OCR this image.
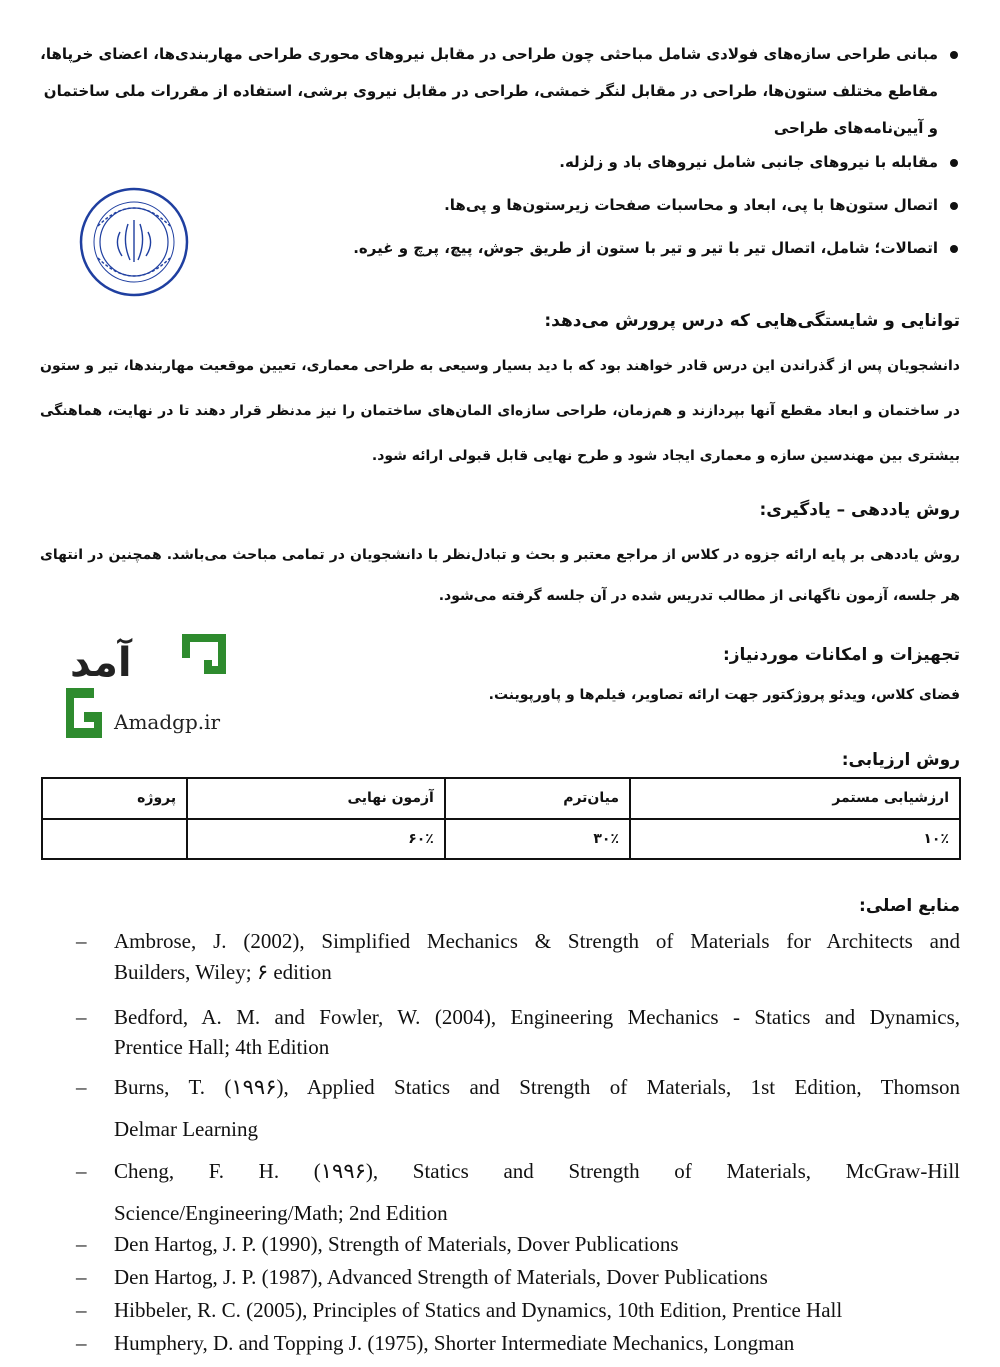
مبانی طراحی سازه‌های فولادی شامل مباحثی چون طراحی در مقابل نیروهای محوری طراحی مهاربندی‌ها، اعضای خرپاها، مقاطع مختلف ستون‌ها، طراحی در مقابل لنگر خمشی، طراحی در مقابل نیروی برشی، استفاده از مقررات ملی ساختمان و آیین‌نامه‌های طراحی
مقابله با نیروهای جانبی شامل نیروهای باد و زلزله.
اتصال ستون‌ها با پی، ابعاد و محاسبات صفحات زیرستون‌ها و پی‌ها.
اتصالات؛ شامل، اتصال تیر با تیر و تیر با ستون از طریق جوش، پیچ، پرچ و غیره.
توانایی و شایستگی‌هایی که درس پرورش می‌دهد:
دانشجویان پس از گذراندن این درس قادر خواهند بود که با دید بسیار وسیعی به طراحی معماری، تعیین موقعیت مهاربندها، تیر و ستون در ساختمان و ابعاد مقطع آنها بپردازند و هم‌زمان، طراحی سازه‌ای المان‌های ساختمان را نیز مدنظر قرار دهند تا در نهایت، هماهنگی بیشتری بین مهندسین سازه و معماری ایجاد شود و طرح نهایی قابل قبولی ارائه شود.
روش یاددهی – یادگیری:
روش یاددهی بر پایه ارائه جزوه در کلاس از مراجع معتبر و بحث و تبادل‌نظر با دانشجویان در تمامی مباحث می‌باشد. همچنین در انتهای هر جلسه، آزمون ناگهانی از مطالب تدریس شده در آن جلسه گرفته می‌شود.
آمد
Amadgp.ir
تجهیزات و امکانات موردنیاز:
فضای کلاس، ویدئو پروژکتور جهت ارائه تصاویر، فیلم‌ها و پاورپوینت.
روش ارزیابی:
ارزشیابی مستمر	میان‌ترم	آزمون نهایی	پروژه
۱۰٪	۳۰٪	۶۰٪	
منابع اصلی:
– Ambrose, J. (2002), Simplified Mechanics & Strength of Materials for Architects and
Builders, Wiley; ۶ edition
– Bedford, A. M. and Fowler, W. (2004), Engineering Mechanics - Statics and Dynamics,
Prentice Hall; 4th Edition
– Burns, T. (۱۹۹۶), Applied Statics and Strength of Materials, 1st Edition, Thomson
Delmar Learning
– Cheng, F. H. (۱۹۹۶), Statics and Strength of Materials, McGraw-Hill
Science/Engineering/Math; 2nd Edition
– Den Hartog, J. P. (1990), Strength of Materials, Dover Publications
– Den Hartog, J. P. (1987), Advanced Strength of Materials, Dover Publications
– Hibbeler, R. C. (2005), Principles of Statics and Dynamics, 10th Edition, Prentice Hall
– Humphery, D. and Topping J. (1975), Shorter Intermediate Mechanics, Longman
